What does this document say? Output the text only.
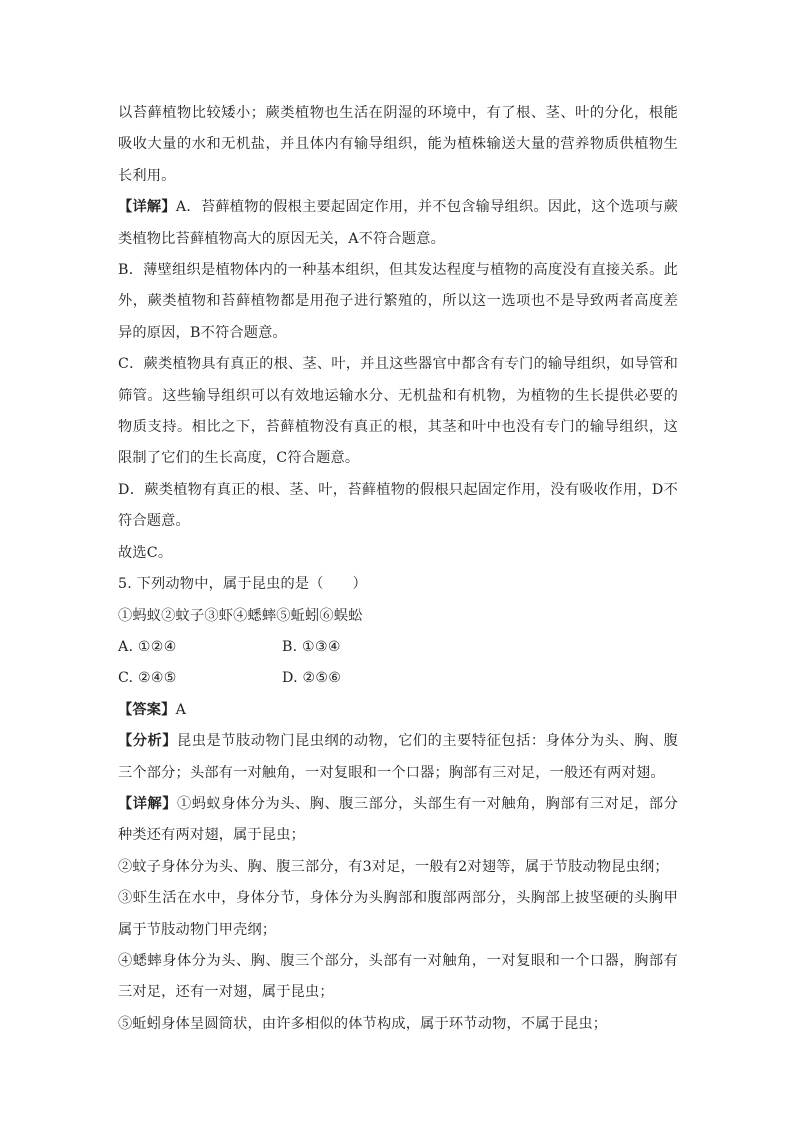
以苔藓植物比较矮小；蕨类植物也生活在阴湿的环境中，有了根、茎、叶的分化，根能吸收大量的水和无机盐，并且体内有输导组织，能为植株输送大量的营养物质供植物生长利用。

【详解】A．苔藓植物的假根主要起固定作用，并不包含输导组织。因此，这个选项与蕨类植物比苔藓植物高大的原因无关，A不符合题意。

B．薄壁组织是植物体内的一种基本组织，但其发达程度与植物的高度没有直接关系。此外，蕨类植物和苔藓植物都是用孢子进行繁殖的，所以这一选项也不是导致两者高度差异的原因，B不符合题意。

C．蕨类植物具有真正的根、茎、叶，并且这些器官中都含有专门的输导组织，如导管和筛管。这些输导组织可以有效地运输水分、无机盐和有机物，为植物的生长提供必要的物质支持。相比之下，苔藓植物没有真正的根，其茎和叶中也没有专门的输导组织，这限制了它们的生长高度，C符合题意。

D．蕨类植物有真正的根、茎、叶，苔藓植物的假根只起固定作用，没有吸收作用，D不符合题意。

故选C。

5. 下列动物中，属于昆虫的是（　　）

①蚂蚁②蚊子③虾④蟋蟀⑤蚯蚓⑥蜈蚣

A. ①②④	B. ①③④
C. ②④⑤	D. ②⑤⑥

【答案】A

【分析】昆虫是节肢动物门昆虫纲的动物，它们的主要特征包括：身体分为头、胸、腹三个部分；头部有一对触角，一对复眼和一个口器；胸部有三对足，一般还有两对翅。

【详解】①蚂蚁身体分为头、胸、腹三部分，头部生有一对触角，胸部有三对足，部分种类还有两对翅，属于昆虫；

②蚊子身体分为头、胸、腹三部分，有3对足，一般有2对翅等，属于节肢动物昆虫纲；

③虾生活在水中，身体分节，身体分为头胸部和腹部两部分，头胸部上披坚硬的头胸甲属于节肢动物门甲壳纲；

④蟋蟀身体分为头、胸、腹三个部分，头部有一对触角，一对复眼和一个口器，胸部有三对足，还有一对翅，属于昆虫；

⑤蚯蚓身体呈圆筒状，由许多相似的体节构成，属于环节动物，不属于昆虫；
